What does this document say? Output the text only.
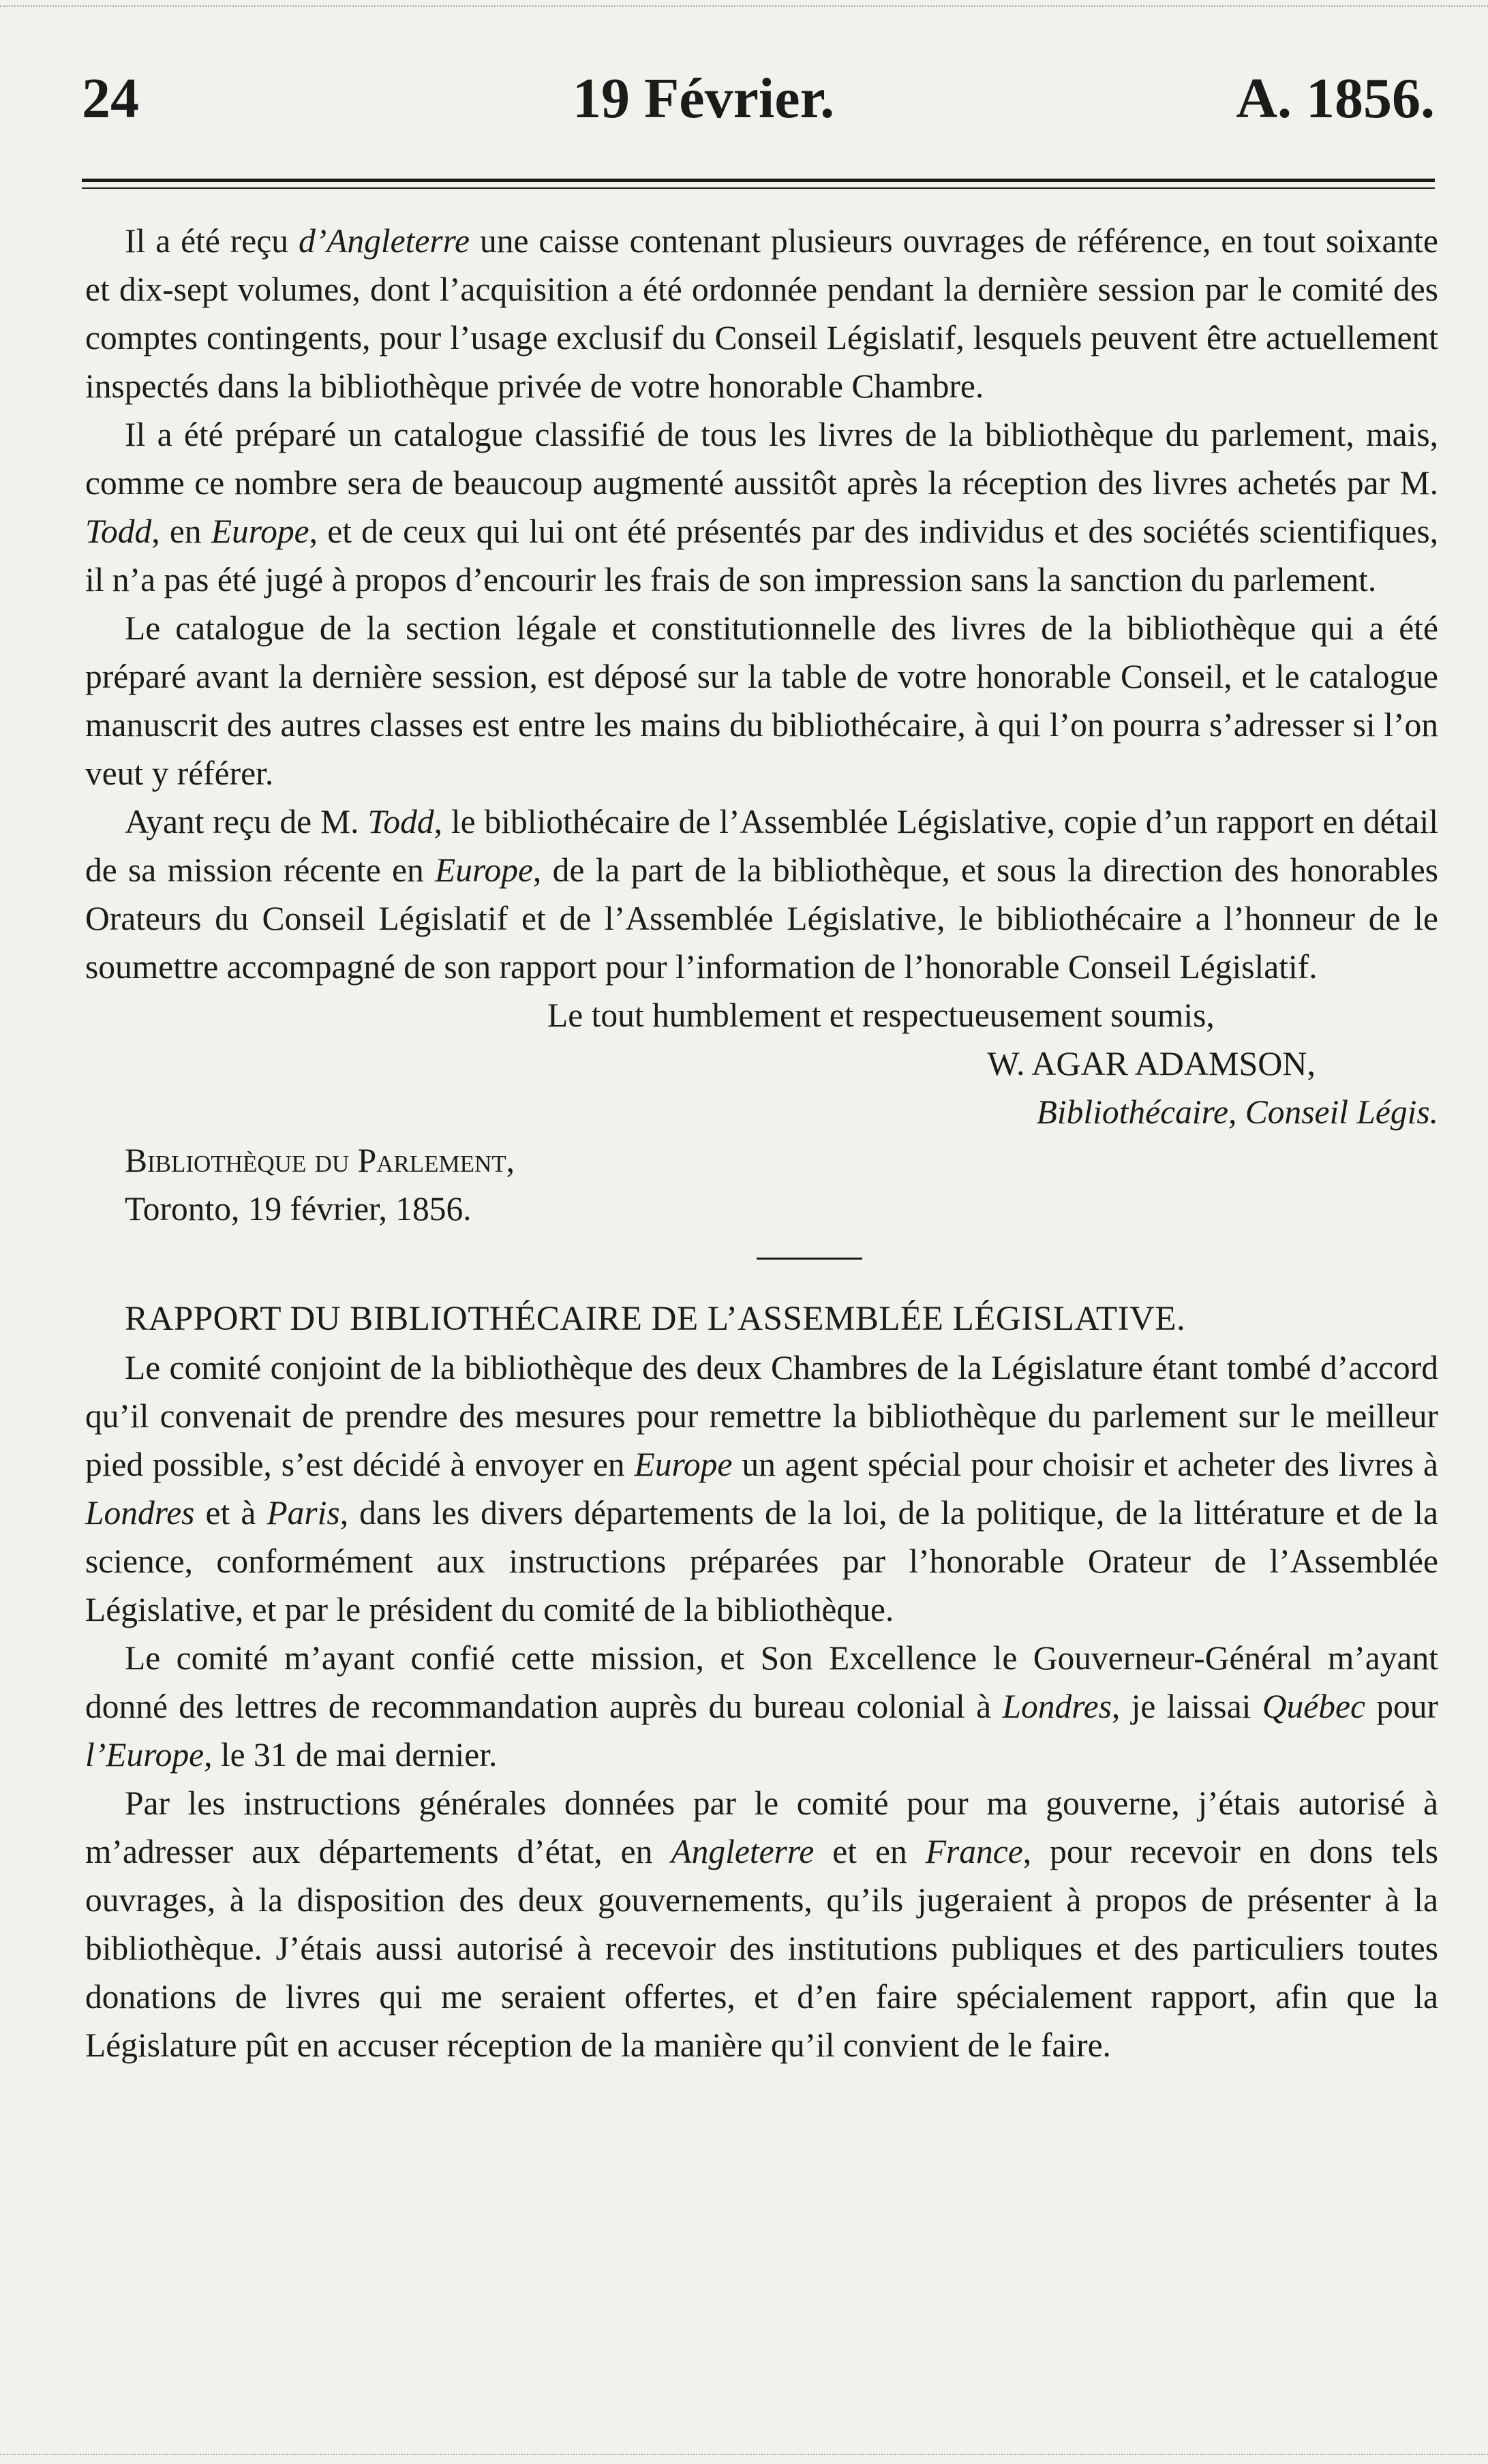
24	19 Février.	A. 1856.

Il a été reçu d’Angleterre une caisse contenant plusieurs ouvrages de référence, en tout soixante et dix-sept volumes, dont l’acquisition a été ordonnée pendant la dernière session par le comité des comptes contingents, pour l’usage exclusif du Conseil Législatif, lesquels peuvent être actuellement inspectés dans la bibliothèque privée de votre honorable Chambre.

Il a été préparé un catalogue classifié de tous les livres de la bibliothèque du parlement, mais, comme ce nombre sera de beaucoup augmenté aussitôt après la réception des livres achetés par M. Todd, en Europe, et de ceux qui lui ont été présentés par des individus et des sociétés scientifiques, il n’a pas été jugé à propos d’encourir les frais de son impression sans la sanction du parlement.

Le catalogue de la section légale et constitutionnelle des livres de la bibliothèque qui a été préparé avant la dernière session, est déposé sur la table de votre honorable Conseil, et le catalogue manuscrit des autres classes est entre les mains du bibliothécaire, à qui l’on pourra s’adresser si l’on veut y référer.

Ayant reçu de M. Todd, le bibliothécaire de l’Assemblée Législative, copie d’un rapport en détail de sa mission récente en Europe, de la part de la bibliothèque, et sous la direction des honorables Orateurs du Conseil Législatif et de l’Assemblée Législative, le bibliothécaire a l’honneur de le soumettre accompagné de son rapport pour l’information de l’honorable Conseil Législatif.

Le tout humblement et respectueusement soumis,

W. AGAR ADAMSON,

Bibliothécaire, Conseil Légis.

Bibliothèque du Parlement,

Toronto, 19 février, 1856.

RAPPORT DU BIBLIOTHÉCAIRE DE L’ASSEMBLÉE LÉGISLATIVE.

Le comité conjoint de la bibliothèque des deux Chambres de la Législature étant tombé d’accord qu’il convenait de prendre des mesures pour remettre la bibliothèque du parlement sur le meilleur pied possible, s’est décidé à envoyer en Europe un agent spécial pour choisir et acheter des livres à Londres et à Paris, dans les divers départements de la loi, de la politique, de la littérature et de la science, conformément aux instructions préparées par l’honorable Orateur de l’Assemblée Législative, et par le président du comité de la bibliothèque.

Le comité m’ayant confié cette mission, et Son Excellence le Gouverneur-Général m’ayant donné des lettres de recommandation auprès du bureau colonial à Londres, je laissai Québec pour l’Europe, le 31 de mai dernier.

Par les instructions générales données par le comité pour ma gouverne, j’étais autorisé à m’adresser aux départements d’état, en Angleterre et en France, pour recevoir en dons tels ouvrages, à la disposition des deux gouvernements, qu’ils jugeraient à propos de présenter à la bibliothèque. J’étais aussi autorisé à recevoir des institutions publiques et des particuliers toutes donations de livres qui me seraient offertes, et d’en faire spécialement rapport, afin que la Législature pût en accuser réception de la manière qu’il convient de le faire.
